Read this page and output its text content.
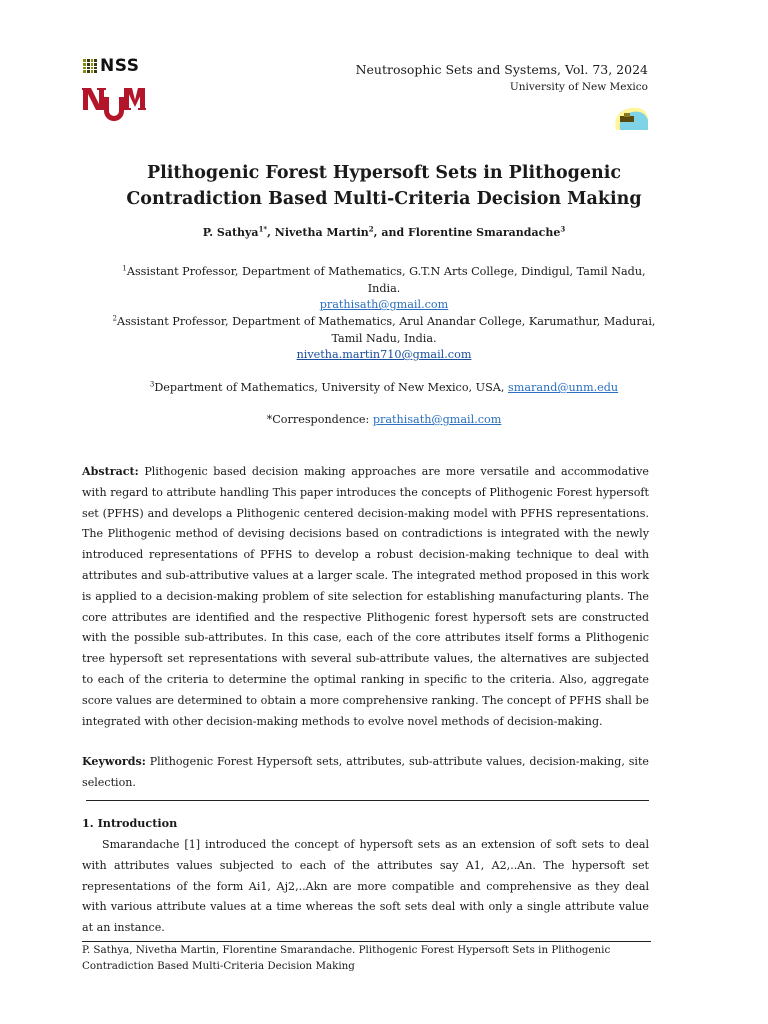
NSS	Neutrosophic Sets and Systems, Vol. 73, 2024
University of New Mexico
Plithogenic Forest Hypersoft Sets in Plithogenic
Contradiction Based Multi-Criteria Decision Making
P. Sathya$^{1*}$, Nivetha Martin$^2$, and Florentine Smarandache$^3$
$^1$Assistant Professor, Department of Mathematics, G.T.N Arts College, Dindigul, Tamil Nadu,
India.
prathisath@gmail.com
$^2$Assistant Professor, Department of Mathematics, Arul Anandar College, Karumathur, Madurai,
Tamil Nadu, India.
nivetha.martin710@gmail.com
$^3$Department of Mathematics, University of New Mexico, USA, smarand@unm.edu
*Correspondence: prathisath@gmail.com
Abstract: Plithogenic based decision making approaches are more versatile and accommodative with regard to attribute handling This paper introduces the concepts of Plithogenic Forest hypersoft set (PFHS) and develops a Plithogenic centered decision-making model with PFHS representations. The Plithogenic method of devising decisions based on contradictions is integrated with the newly introduced representations of PFHS to develop a robust decision-making technique to deal with attributes and sub-attributive values at a larger scale. The integrated method proposed in this work is applied to a decision-making problem of site selection for establishing manufacturing plants. The core attributes are identified and the respective Plithogenic forest hypersoft sets are constructed with the possible sub-attributes. In this case, each of the core attributes itself forms a Plithogenic tree hypersoft set representations with several sub-attribute values, the alternatives are subjected to each of the criteria to determine the optimal ranking in specific to the criteria. Also, aggregate score values are determined to obtain a more comprehensive ranking. The concept of PFHS shall be integrated with other decision-making methods to evolve novel methods of decision-making.
Keywords: Plithogenic Forest Hypersoft sets, attributes, sub-attribute values, decision-making, site selection.
1. Introduction
Smarandache [1] introduced the concept of hypersoft sets as an extension of soft sets to deal with attributes values subjected to each of the attributes say A1, A2,..An. The hypersoft set representations of the form Ai1, Aj2,..Akn are more compatible and comprehensive as they deal with various attribute values at a time whereas the soft sets deal with only a single attribute value at an instance.
P. Sathya, Nivetha Martin, Florentine Smarandache. Plithogenic Forest Hypersoft Sets in Plithogenic
Contradiction Based Multi-Criteria Decision Making
